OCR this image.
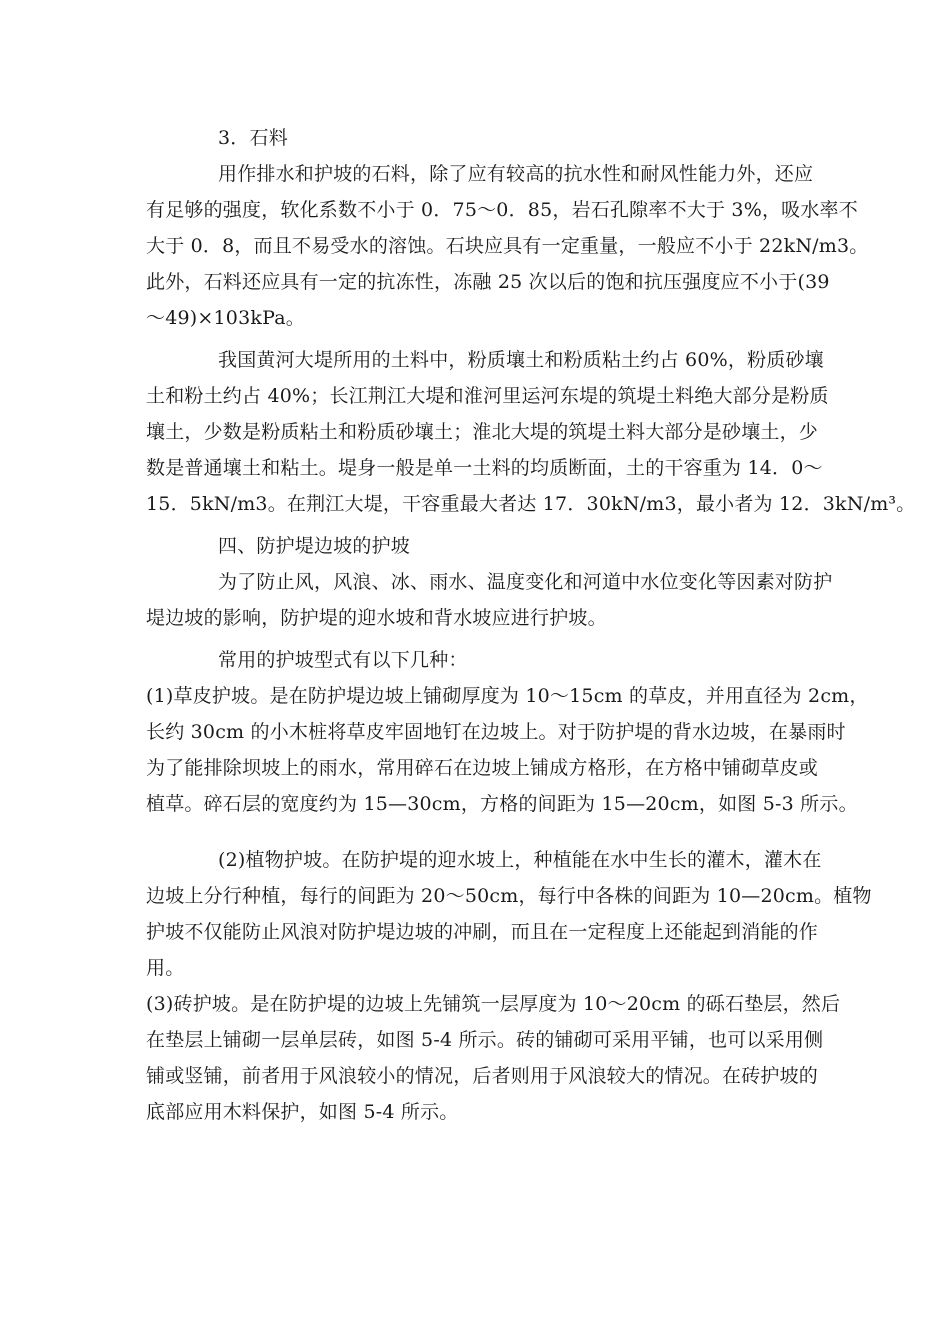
3．石料
用作排水和护坡的石料，除了应有较高的抗水性和耐风性能力外，还应
有足够的强度，软化系数不小于 0．75～0．85，岩石孔隙率不大于 3%，吸水率不
大于 0．8，而且不易受水的溶蚀。石块应具有一定重量，一般应不小于 22kN/m3。
此外，石料还应具有一定的抗冻性，冻融 25 次以后的饱和抗压强度应不小于(39
～49)×103kPa。
我国黄河大堤所用的土料中，粉质壤土和粉质粘土约占 60%，粉质砂壤
土和粉土约占 40%；长江荆江大堤和淮河里运河东堤的筑堤土料绝大部分是粉质
壤土，少数是粉质粘土和粉质砂壤土；淮北大堤的筑堤土料大部分是砂壤土，少
数是普通壤土和粘土。堤身一般是单一土料的均质断面，土的干容重为 14．0～
15．5kN/m3。在荆江大堤，干容重最大者达 17．30kN/m3，最小者为 12．3kN/m³。
四、防护堤边坡的护坡
为了防止风，风浪、冰、雨水、温度变化和河道中水位变化等因素对防护
堤边坡的影响，防护堤的迎水坡和背水坡应进行护坡。
常用的护坡型式有以下几种：
(1)草皮护坡。是在防护堤边坡上铺砌厚度为 10～15cm 的草皮，并用直径为 2cm，
长约 30cm 的小木桩将草皮牢固地钉在边坡上。对于防护堤的背水边坡，在暴雨时
为了能排除坝坡上的雨水，常用碎石在边坡上铺成方格形，在方格中铺砌草皮或
植草。碎石层的宽度约为 15—30cm，方格的间距为 15—20cm，如图 5-3 所示。
(2)植物护坡。在防护堤的迎水坡上，种植能在水中生长的灌木，灌木在
边坡上分行种植，每行的间距为 20～50cm，每行中各株的间距为 10—20cm。植物
护坡不仅能防止风浪对防护堤边坡的冲刷，而且在一定程度上还能起到消能的作
用。
(3)砖护坡。是在防护堤的边坡上先铺筑一层厚度为 10～20cm 的砾石垫层，然后
在垫层上铺砌一层单层砖，如图 5-4 所示。砖的铺砌可采用平铺，也可以采用侧
铺或竖铺，前者用于风浪较小的情况，后者则用于风浪较大的情况。在砖护坡的
底部应用木料保护，如图 5-4 所示。
